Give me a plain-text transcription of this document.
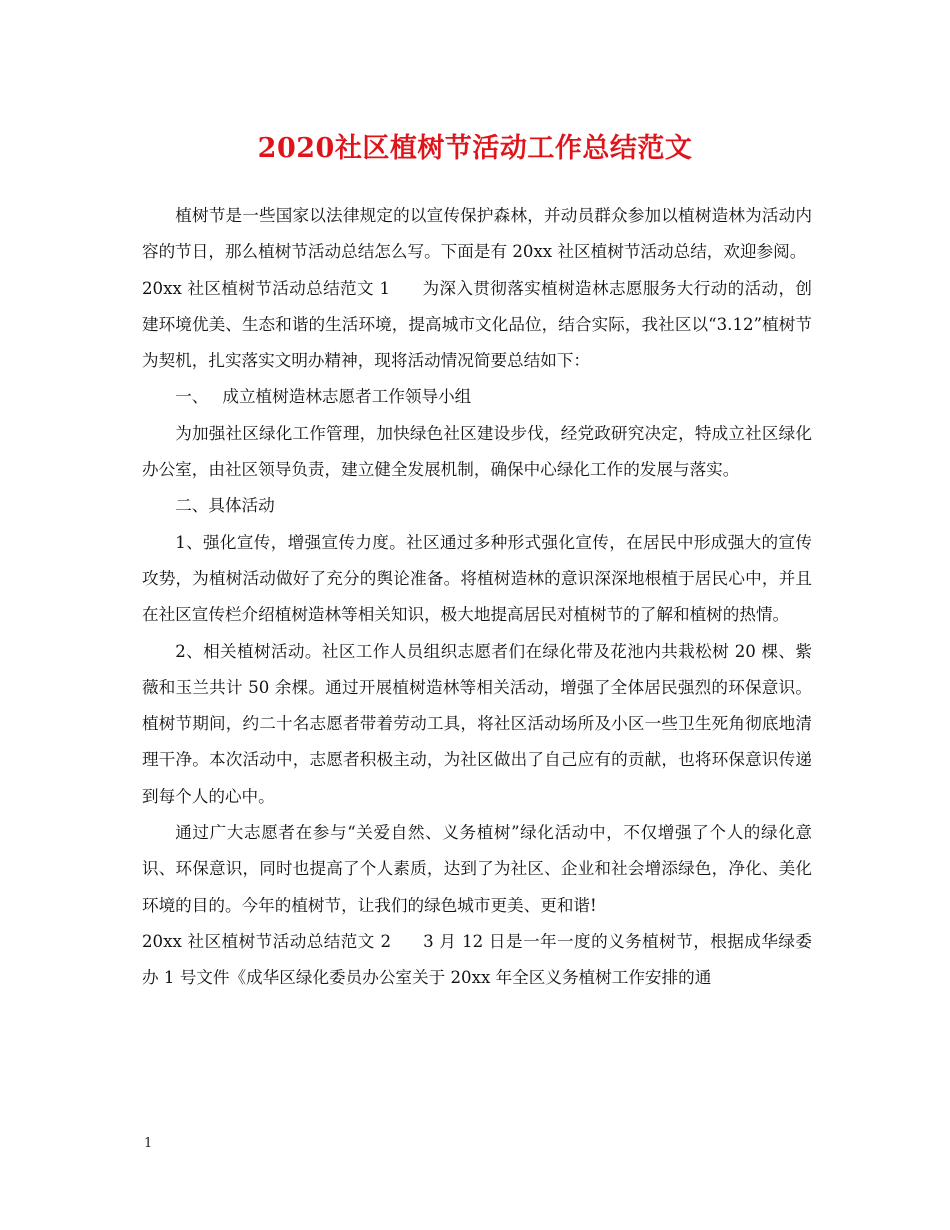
2020社区植树节活动工作总结范文

植树节是一些国家以法律规定的以宣传保护森林，并动员群众参加以植树造林为活动内容的节日，那么植树节活动总结怎么写。下面是有 20xx 社区植树节活动总结，欢迎参阅。

20xx 社区植树节活动总结范文 1 为深入贯彻落实植树造林志愿服务大行动的活动，创建环境优美、生态和谐的生活环境，提高城市文化品位，结合实际，我社区以“3.12”植树节为契机，扎实落实文明办精神，现将活动情况简要总结如下：

一、 成立植树造林志愿者工作领导小组

为加强社区绿化工作管理，加快绿色社区建设步伐，经党政研究决定，特成立社区绿化办公室，由社区领导负责，建立健全发展机制，确保中心绿化工作的发展与落实。

二、具体活动

1、强化宣传，增强宣传力度。社区通过多种形式强化宣传，在居民中形成强大的宣传攻势，为植树活动做好了充分的舆论准备。将植树造林的意识深深地根植于居民心中，并且在社区宣传栏介绍植树造林等相关知识，极大地提高居民对植树节的了解和植树的热情。

2、相关植树活动。社区工作人员组织志愿者们在绿化带及花池内共栽松树 20 棵、紫薇和玉兰共计 50 余棵。通过开展植树造林等相关活动，增强了全体居民强烈的环保意识。植树节期间，约二十名志愿者带着劳动工具，将社区活动场所及小区一些卫生死角彻底地清理干净。本次活动中，志愿者积极主动，为社区做出了自己应有的贡献，也将环保意识传递到每个人的心中。

通过广大志愿者在参与“关爱自然、义务植树”绿化活动中，不仅增强了个人的绿化意识、环保意识，同时也提高了个人素质，达到了为社区、企业和社会增添绿色，净化、美化环境的目的。今年的植树节，让我们的绿色城市更美、更和谐!

20xx 社区植树节活动总结范文 2 3 月 12 日是一年一度的义务植树节，根据成华绿委办 1 号文件《成华区绿化委员办公室关于 20xx 年全区义务植树工作安排的通

1
